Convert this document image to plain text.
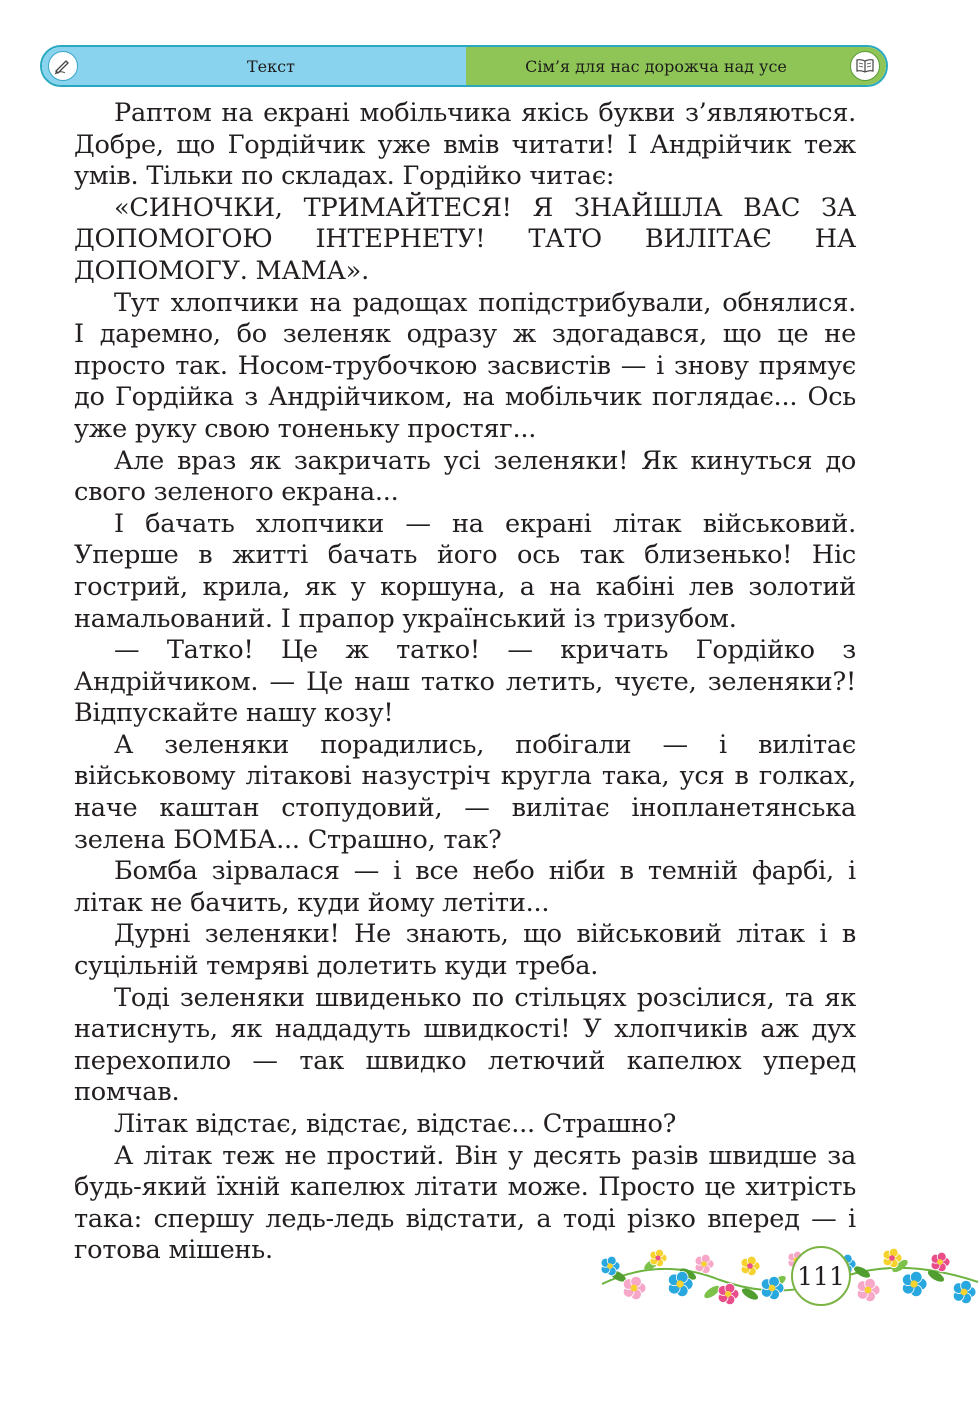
Текст	Сім’я для нас дорожча над усе

Раптом на екрані мобільчика якісь букви з’являються. Добре, що Гордійчик уже вмів читати! І Андрійчик теж умів. Тільки по складах. Гордійко читає:

«СИНОЧКИ, ТРИМАЙТЕСЯ! Я ЗНАЙШЛА ВАС ЗА ДОПОМОГОЮ ІНТЕРНЕТУ! ТАТО ВИЛІТАЄ НА ДОПОМОГУ. МАМА».

Тут хлопчики на радощах попідстрибували, обнялися. І даремно, бо зеленяк одразу ж здогадався, що це не просто так. Носом-трубочкою засвистів — і знову прямує до Гордійка з Андрійчиком, на мобільчик поглядає... Ось уже руку свою тоненьку простяг...

Але враз як закричать усі зеленяки! Як кинуться до свого зеленого екрана...

І бачать хлопчики — на екрані літак військовий. Уперше в житті бачать його ось так близенько! Ніс гострий, крила, як у коршуна, а на кабіні лев золотий намальований. І прапор український із тризубом.

— Татко! Це ж татко! — кричать Гордійко з Андрійчиком. — Це наш татко летить, чуєте, зеленяки?! Відпускайте нашу козу!

А зеленяки порадились, побігали — і вилітає військовому літакові назустріч кругла така, уся в голках, наче каштан стопудовий, — вилітає інопланетянська зелена БОМБА... Страшно, так?

Бомба зірвалася — і все небо ніби в темній фарбі, і літак не бачить, куди йому летіти...

Дурні зеленяки! Не знають, що військовий літак і в суцільній темряві долетить куди треба.

Тоді зеленяки швиденько по стільцях розсілися, та як натиснуть, як наддадуть швидкості! У хлопчиків аж дух перехопило — так швидко летючий капелюх уперед помчав.

Літак відстає, відстає, відстає... Страшно?

А літак теж не простий. Він у десять разів швидше за будь-який їхній капелюх літати може. Просто це хитрість така: спершу ледь-ледь відстати, а тоді різко вперед — і готова мішень.

111
